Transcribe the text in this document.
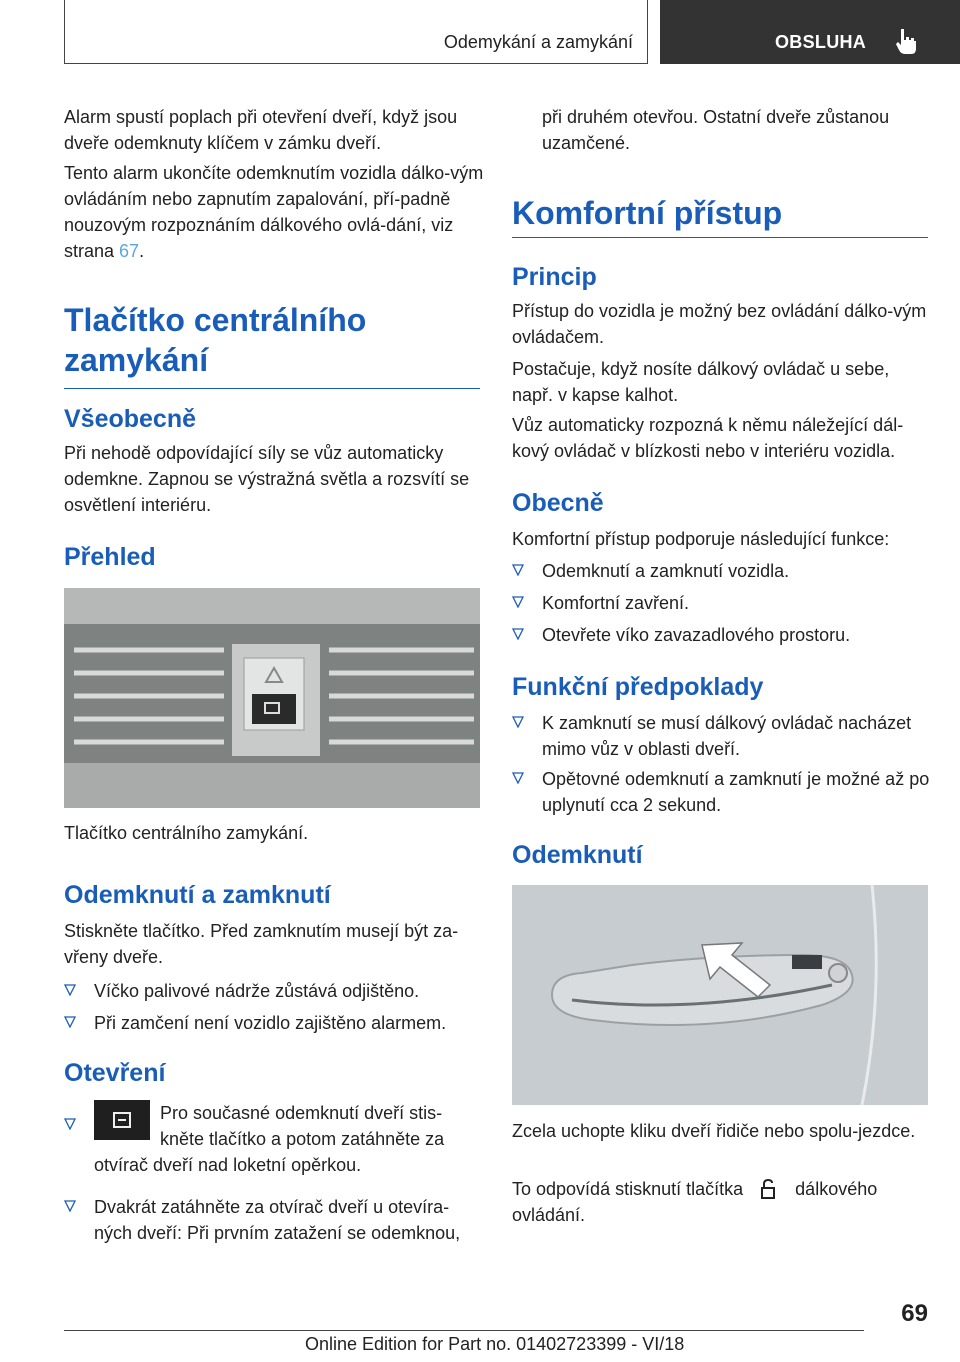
Odemykání a zamykání	OBSLUHA

Alarm spustí poplach při otevření dveří, když jsou dveře odemknuty klíčem v zámku dveří.

Tento alarm ukončíte odemknutím vozidla dálko-vým ovládáním nebo zapnutím zapalování, pří-padně nouzovým rozpoznáním dálkového ovlá-dání, viz strana 67.

Tlačítko centrálního
zamykání
Všeobecně

Při nehodě odpovídající síly se vůz automaticky odemkne. Zapnou se výstražná světla a rozsvítí se osvětlení interiéru.

Přehled

Tlačítko centrálního zamykání.

Odemknutí a zamknutí

Stiskněte tlačítko. Před zamknutím musejí být za-vřeny dveře.

Víčko palivové nádrže zůstává odjištěno.
Při zamčení není vozidlo zajištěno alarmem.
Otevření
Pro současné odemknutí dveří stis-kněte tlačítko a potom zatáhněte za otvírač dveří nad loketní opěrkou.
Dvakrát zatáhněte za otvírač dveří u otevíra-ných dveří: Při prvním zatažení se odemknou,

při druhém otevřou. Ostatní dveře zůstanou uzamčené.

Komfortní přístup
Princip

Přístup do vozidla je možný bez ovládání dálko-vým ovládačem.

Postačuje, když nosíte dálkový ovládač u sebe, např. v kapse kalhot.

Vůz automaticky rozpozná k němu náležející dál-kový ovládač v blízkosti nebo v interiéru vozidla.

Obecně

Komfortní přístup podporuje následující funkce:

Odemknutí a zamknutí vozidla.
Komfortní zavření.
Otevřete víko zavazadlového prostoru.
Funkční předpoklady
K zamknutí se musí dálkový ovládač nacházet mimo vůz v oblasti dveří.
Opětovné odemknutí a zamknutí je možné až po uplynutí cca 2 sekund.
Odemknutí

Zcela uchopte kliku dveří řidiče nebo spolu-jezdce.

To odpovídá stisknutí tlačítka	dálkového ovládání.

69
Online Edition for Part no. 01402723399 - VI/18
